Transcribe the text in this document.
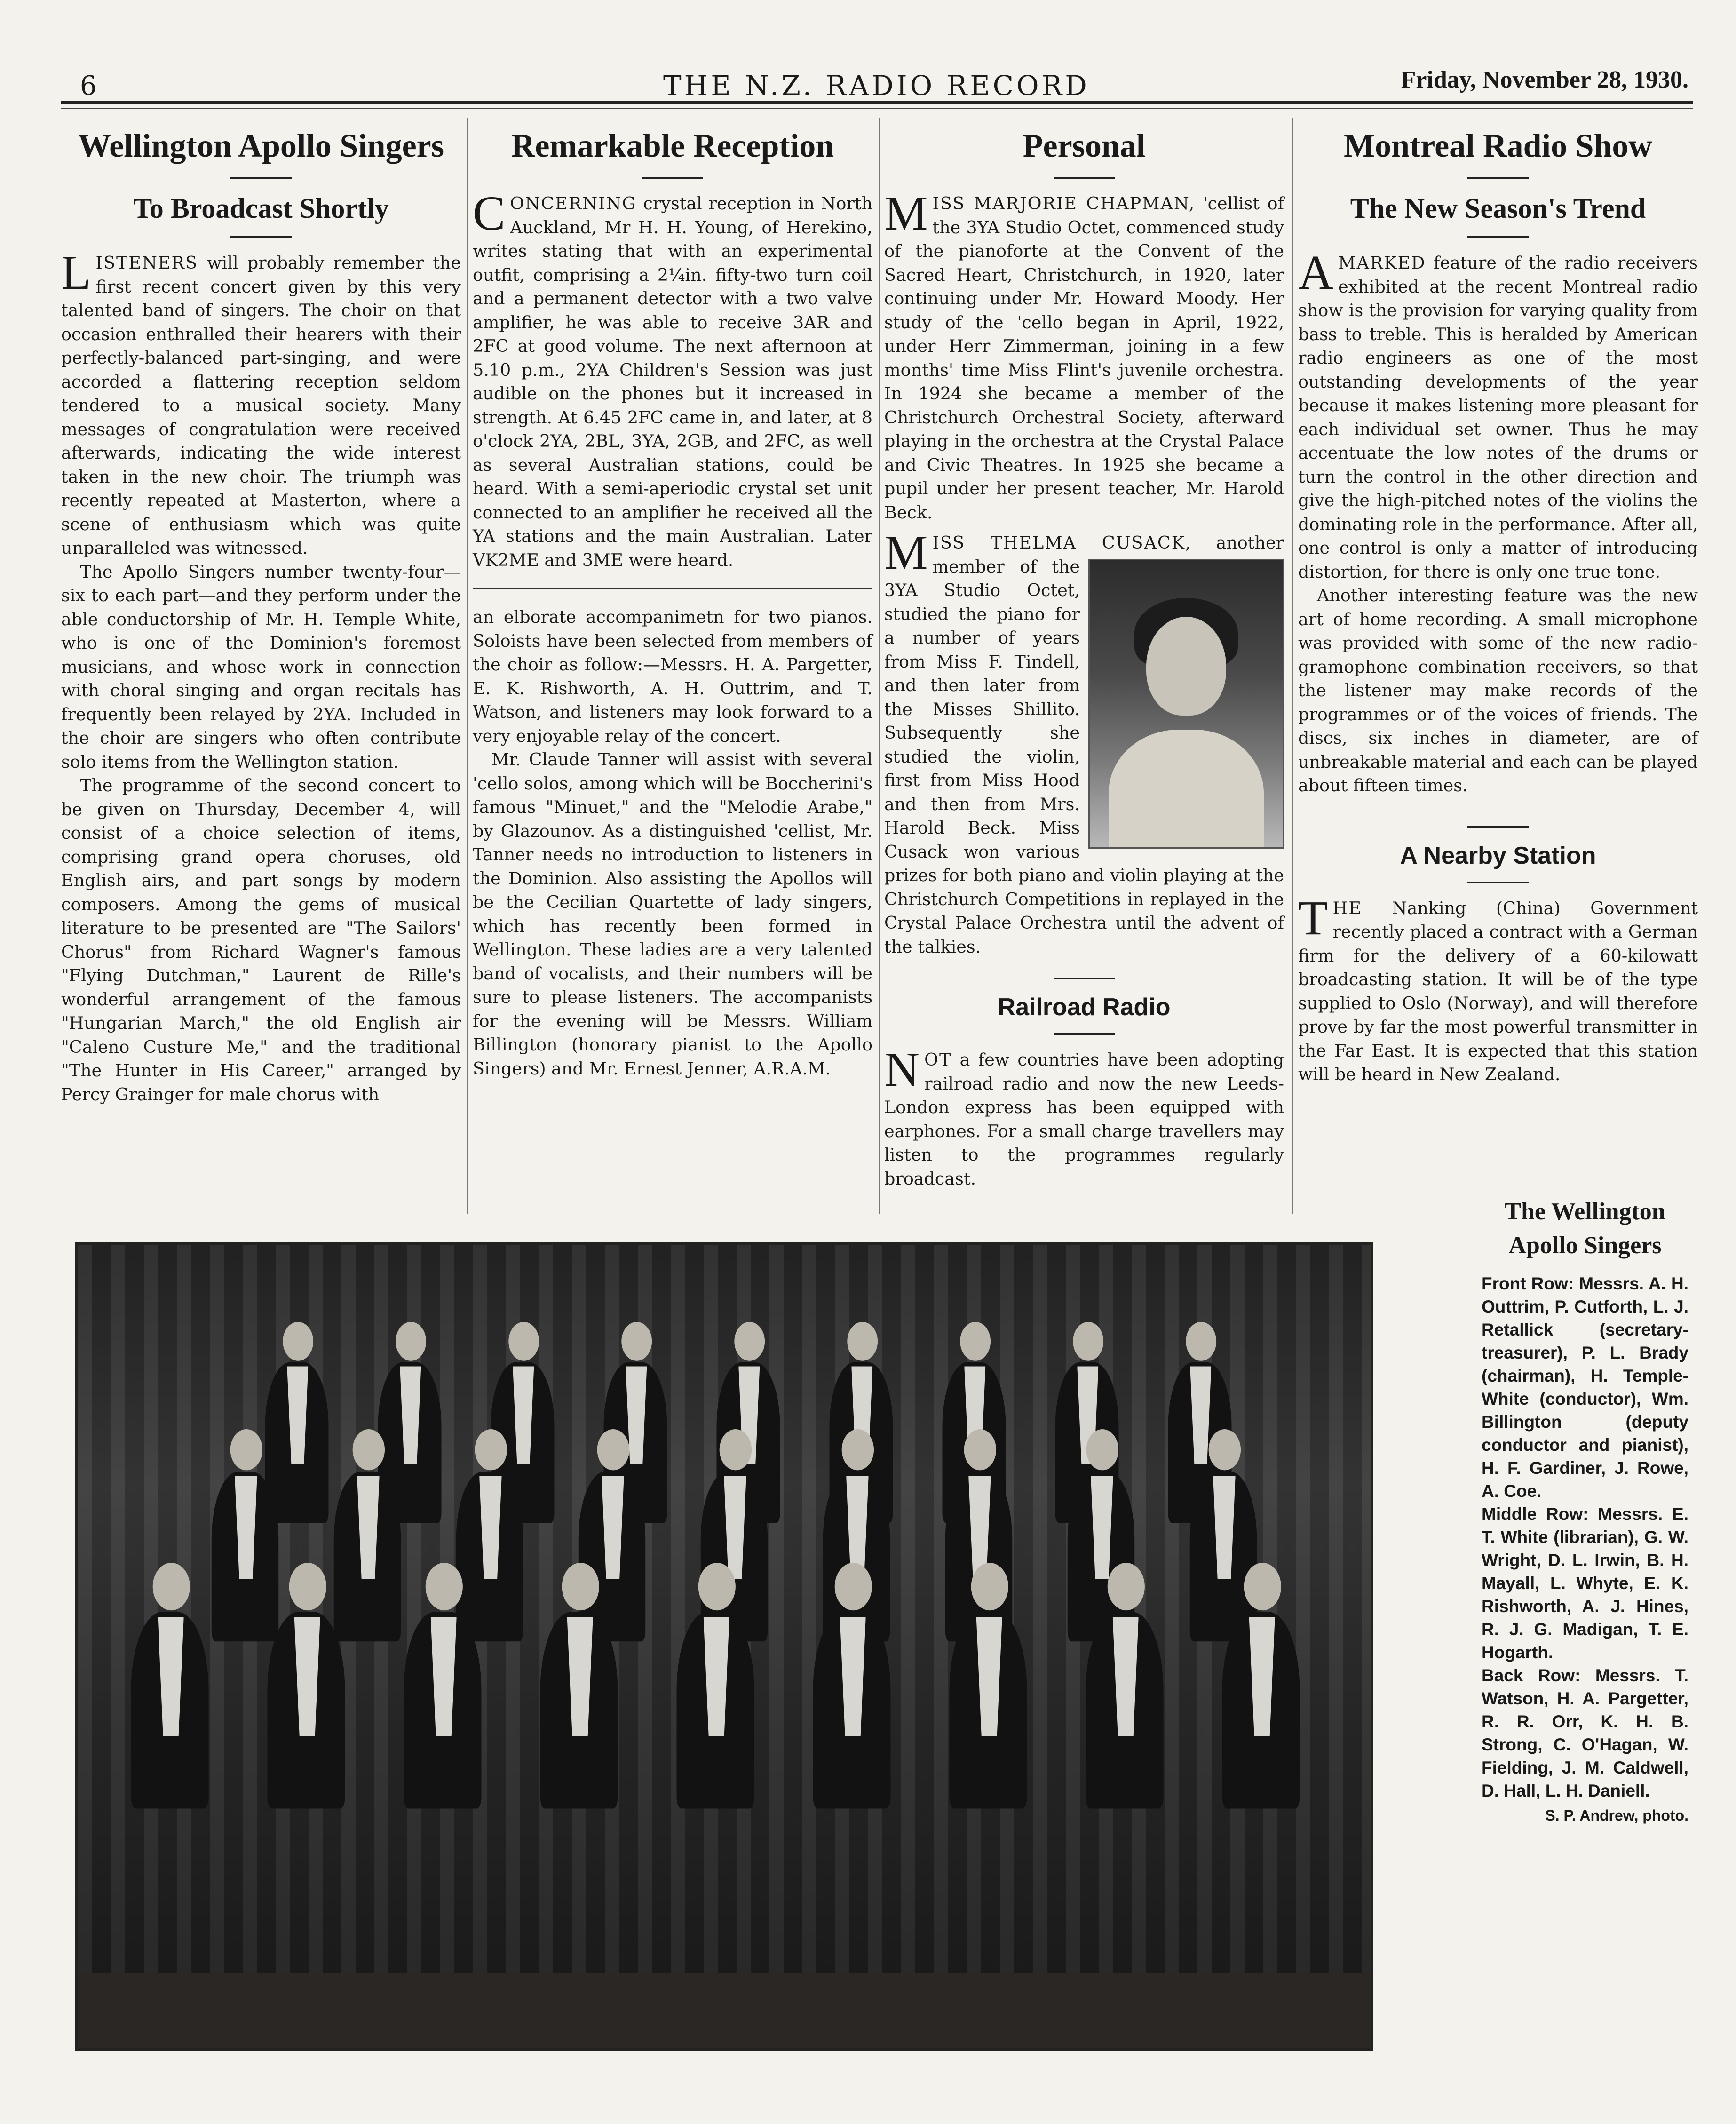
6	THE N.Z. RADIO RECORD	Friday, November 28, 1930.
Wellington Apollo Singers
To Broadcast Shortly

LISTENERS will probably remember the first recent concert given by this very talented band of singers. The choir on that occasion enthralled their hearers with their perfectly-balanced part-singing, and were accorded a flattering reception seldom tendered to a musical society. Many messages of congratulation were received afterwards, indicating the wide interest taken in the new choir. The triumph was recently repeated at Masterton, where a scene of enthusiasm which was quite unparalleled was witnessed.

The Apollo Singers number twenty-four—six to each part—and they perform under the able conductorship of Mr. H. Temple White, who is one of the Dominion's foremost musicians, and whose work in connection with choral singing and organ recitals has frequently been relayed by 2YA. Included in the choir are singers who often contribute solo items from the Wellington station.

The programme of the second concert to be given on Thursday, December 4, will consist of a choice selection of items, comprising grand opera choruses, old English airs, and part songs by modern composers. Among the gems of musical literature to be presented are "The Sailors' Chorus" from Richard Wagner's famous "Flying Dutchman," Laurent de Rille's wonderful arrangement of the famous "Hungarian March," the old English air "Caleno Custure Me," and the traditional "The Hunter in His Career," arranged by Percy Grainger for male chorus with

Remarkable Reception

CONCERNING crystal reception in North Auckland, Mr H. H. Young, of Herekino, writes stating that with an experimental outfit, comprising a 2¼in. fifty-two turn coil and a permanent detector with a two valve amplifier, he was able to receive 3AR and 2FC at good volume. The next afternoon at 5.10 p.m., 2YA Children's Session was just audible on the phones but it increased in strength. At 6.45 2FC came in, and later, at 8 o'clock 2YA, 2BL, 3YA, 2GB, and 2FC, as well as several Australian stations, could be heard. With a semi-aperiodic crystal set unit connected to an amplifier he received all the YA stations and the main Australian. Later VK2ME and 3ME were heard.

an elborate accompanimetn for two pianos. Soloists have been selected from members of the choir as follow:—Messrs. H. A. Pargetter, E. K. Rishworth, A. H. Outtrim, and T. Watson, and listeners may look forward to a very enjoyable relay of the concert.

Mr. Claude Tanner will assist with several 'cello solos, among which will be Boccherini's famous "Minuet," and the "Melodie Arabe," by Glazounov. As a distinguished 'cellist, Mr. Tanner needs no introduction to listeners in the Dominion. Also assisting the Apollos will be the Cecilian Quartette of lady singers, which has recently been formed in Wellington. These ladies are a very talented band of vocalists, and their numbers will be sure to please listeners. The accompanists for the evening will be Messrs. William Billington (honorary pianist to the Apollo Singers) and Mr. Ernest Jenner, A.R.A.M.

Personal

MISS MARJORIE CHAPMAN, 'cellist of the 3YA Studio Octet, commenced study of the pianoforte at the Convent of the Sacred Heart, Christchurch, in 1920, later continuing under Mr. Howard Moody. Her study of the 'cello began in April, 1922, under Herr Zimmerman, joining in a few months' time Miss Flint's juvenile orchestra. In 1924 she became a member of the Christchurch Orchestral Society, afterward playing in the orchestra at the Crystal Palace and Civic Theatres. In 1925 she became a pupil under her present teacher, Mr. Harold Beck.

MISS THELMA CUSACK,
another member of the 3YA Studio Octet, studied the piano for a number of years from Miss F. Tindell, and then later from the Misses Shillito. Subsequently she studied the violin, first from Miss Hood and then from Mrs. Harold Beck. Miss Cusack won various prizes for both piano and violin playing at the Christchurch Competitions in replayed in the Crystal Palace Orchestra until the advent of the talkies.

Railroad Radio

NOT a few countries have been adopting railroad radio and now the new Leeds-London express has been equipped with earphones. For a small charge travellers may listen to the programmes regularly broadcast.

Montreal Radio Show
The New Season's Trend

AMARKED feature of the radio receivers exhibited at the recent Montreal radio show is the provision for varying quality from bass to treble. This is heralded by American radio engineers as one of the most outstanding developments of the year because it makes listening more pleasant for each individual set owner. Thus he may accentuate the low notes of the drums or turn the control in the other direction and give the high-pitched notes of the violins the dominating role in the performance. After all, one control is only a matter of introducing distortion, for there is only one true tone.

Another interesting feature was the new art of home recording. A small microphone was provided with some of the new radio-gramophone combination receivers, so that the listener may make records of the programmes or of the voices of friends. The discs, six inches in diameter, are of unbreakable material and each can be played about fifteen times.

A Nearby Station

THE Nanking (China) Government recently placed a contract with a German firm for the delivery of a 60-kilowatt broadcasting station. It will be of the type supplied to Oslo (Norway), and will therefore prove by far the most powerful transmitter in the Far East. It is expected that this station will be heard in New Zealand.

The Wellington Apollo Singers

Front Row: Messrs. A. H. Outtrim, P. Cutforth, L. J. Retallick (secretary-treasurer), P. L. Brady (chairman), H. Temple-White (conductor), Wm. Billington (deputy conductor and pianist), H. F. Gardiner, J. Rowe, A. Coe.

Middle Row: Messrs. E. T. White (librarian), G. W. Wright, D. L. Irwin, B. H. Mayall, L. Whyte, E. K. Rishworth, A. J. Hines, R. J. G. Madigan, T. E. Hogarth.

Back Row: Messrs. T. Watson, H. A. Pargetter, R. R. Orr, K. H. B. Strong, C. O'Hagan, W. Fielding, J. M. Caldwell, D. Hall, L. H. Daniell.

S. P. Andrew, photo.
